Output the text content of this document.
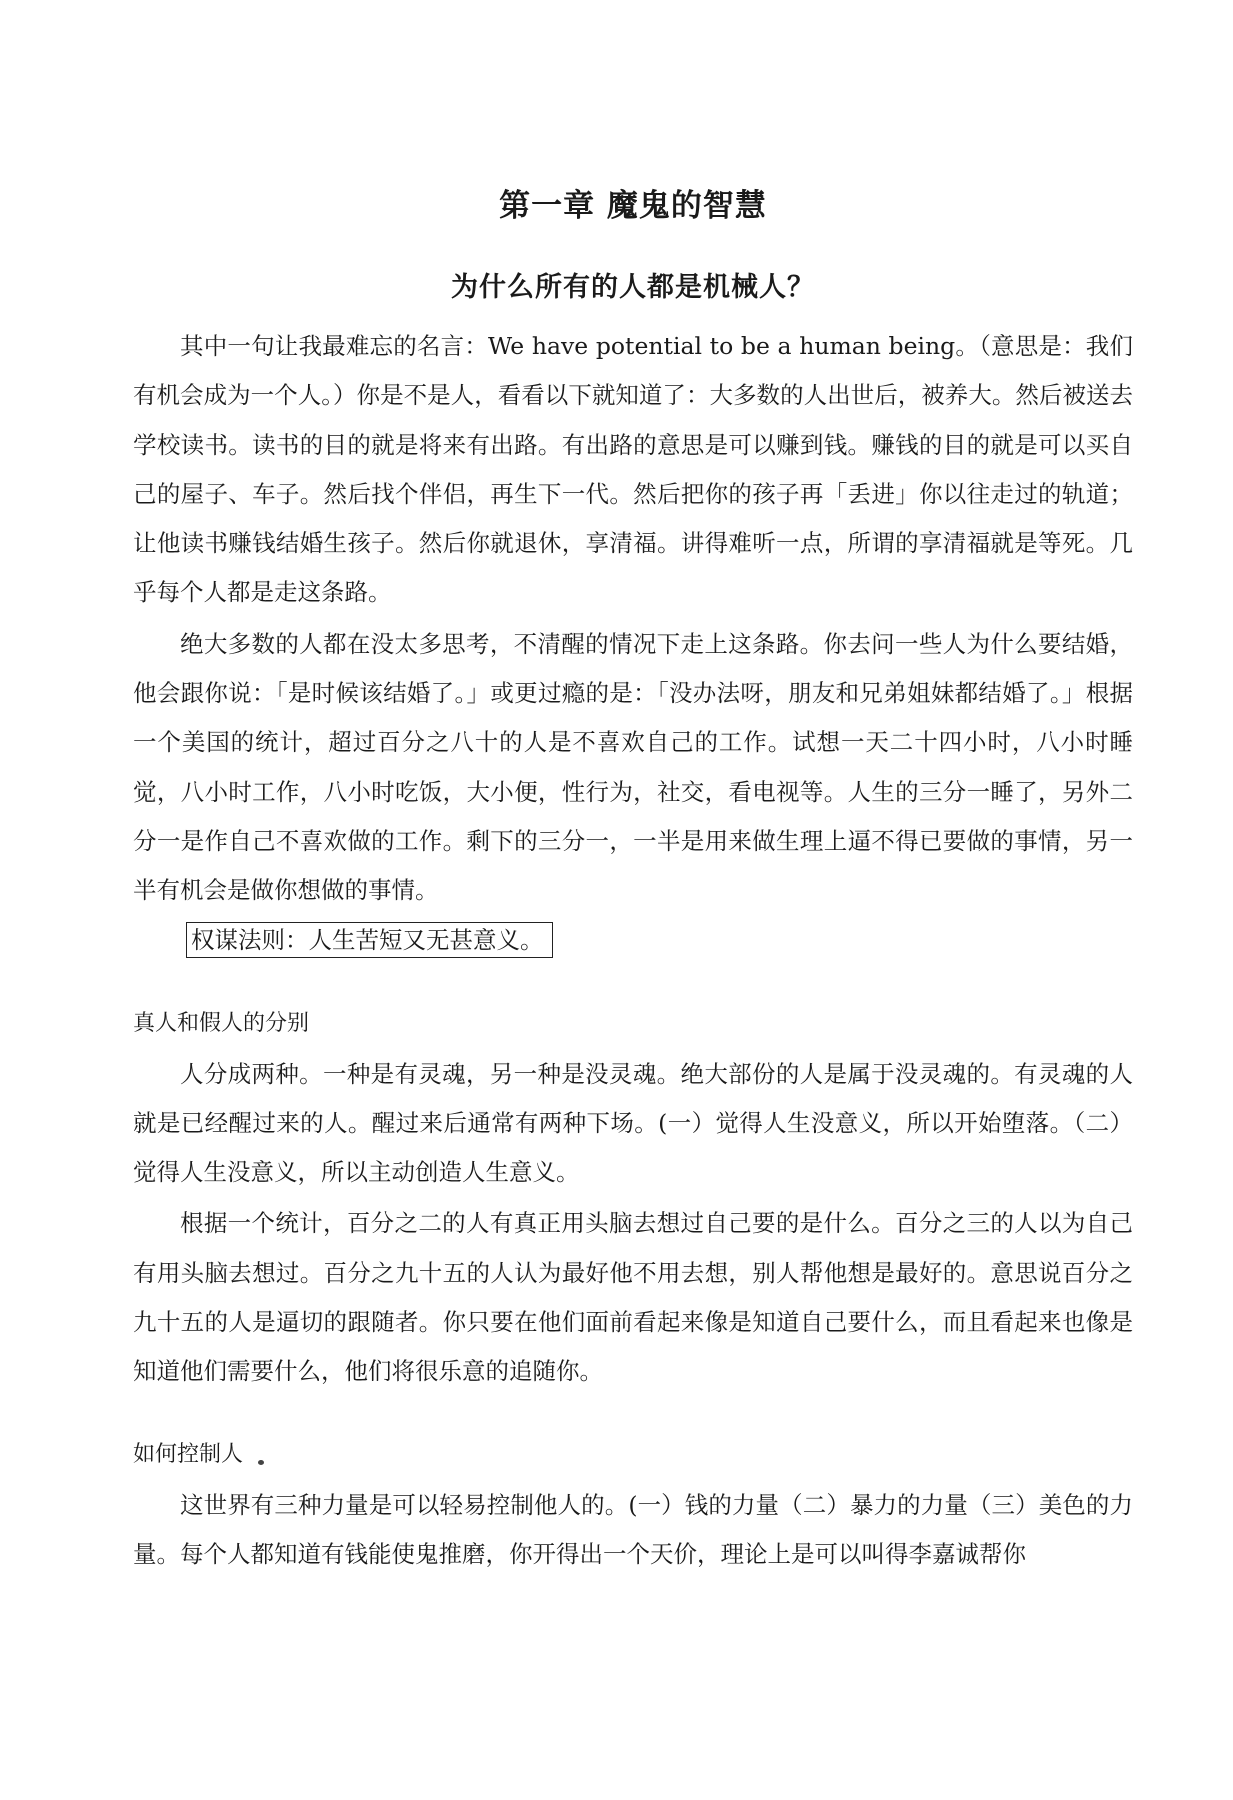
第一章 魔鬼的智慧
为什么所有的人都是机械人？

其中一句让我最难忘的名言：We have potential to be a human being。（意思是：我们有机会成为一个人。）你是不是人，看看以下就知道了：大多数的人出世后，被养大。然后被送去学校读书。读书的目的就是将来有出路。有出路的意思是可以赚到钱。赚钱的目的就是可以买自己的屋子、车子。然后找个伴侣，再生下一代。然后把你的孩子再「丢进」你以往走过的轨道；让他读书赚钱结婚生孩子。然后你就退休，享清福。讲得难听一点，所谓的享清福就是等死。几乎每个人都是走这条路。

绝大多数的人都在没太多思考，不清醒的情况下走上这条路。你去问一些人为什么要结婚，他会跟你说：「是时候该结婚了。」或更过瘾的是：「没办法呀，朋友和兄弟姐妹都结婚了。」根据一个美国的统计，超过百分之八十的人是不喜欢自己的工作。试想一天二十四小时，八小时睡觉，八小时工作，八小时吃饭，大小便，性行为，社交，看电视等。人生的三分一睡了，另外二分一是作自己不喜欢做的工作。剩下的三分一，一半是用来做生理上逼不得已要做的事情，另一半有机会是做你想做的事情。

权谋法则：人生苦短又无甚意义。
真人和假人的分别

人分成两种。一种是有灵魂，另一种是没灵魂。绝大部份的人是属于没灵魂的。有灵魂的人就是已经醒过来的人。醒过来后通常有两种下场。(一）觉得人生没意义，所以开始堕落。（二）觉得人生没意义，所以主动创造人生意义。

根据一个统计，百分之二的人有真正用头脑去想过自己要的是什么。百分之三的人以为自己有用头脑去想过。百分之九十五的人认为最好他不用去想，别人帮他想是最好的。意思说百分之九十五的人是逼切的跟随者。你只要在他们面前看起来像是知道自己要什么，而且看起来也像是知道他们需要什么，他们将很乐意的追随你。

如何控制人

这世界有三种力量是可以轻易控制他人的。(一）钱的力量（二）暴力的力量（三）美色的力量。每个人都知道有钱能使鬼推磨，你开得出一个天价，理论上是可以叫得李嘉诚帮你
